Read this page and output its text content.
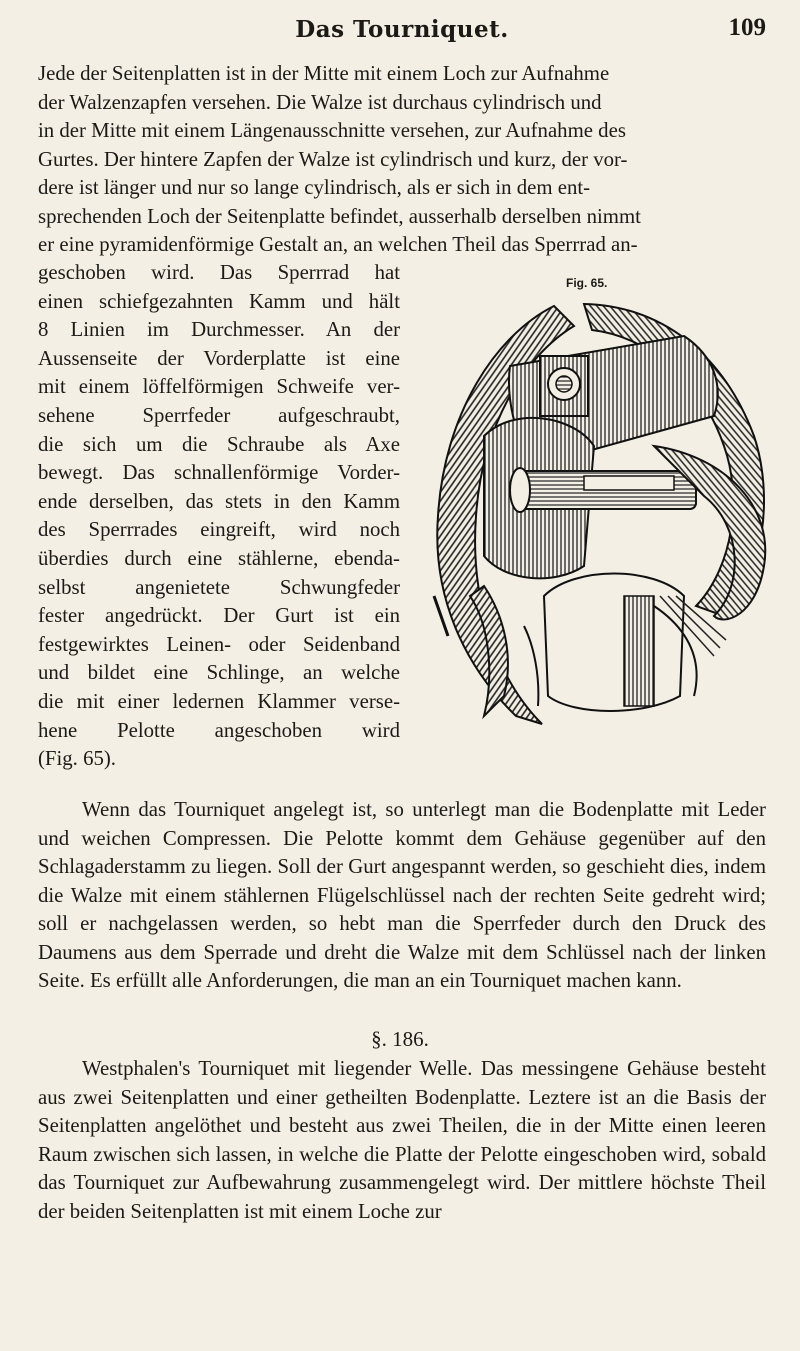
Das Tourniquet.	109
Jede der Seitenplatten ist in der Mitte mit einem Loch zur Aufnahme
der Walzenzapfen versehen. Die Walze ist durchaus cylindrisch und
in der Mitte mit einem Längenausschnitte versehen, zur Aufnahme des
Gurtes. Der hintere Zapfen der Walze ist cylindrisch und kurz, der vor-
dere ist länger und nur so lange cylindrisch, als er sich in dem ent-
sprechenden Loch der Seitenplatte befindet, ausserhalb derselben nimmt
er eine pyramidenförmige Gestalt an, an welchen Theil das Sperrrad an-
geschoben wird. Das Sperrrad hat
einen schiefgezahnten Kamm und hält
8 Linien im Durchmesser. An der
Aussenseite der Vorderplatte ist eine
mit einem löffelförmigen Schweife ver-
sehene Sperrfeder aufgeschraubt,
die sich um die Schraube als Axe
bewegt. Das schnallenförmige Vorder-
ende derselben, das stets in den Kamm
des Sperrrades eingreift, wird noch
überdies durch eine stählerne, ebenda-
selbst angenietete Schwungfeder
fester angedrückt. Der Gurt ist ein
festgewirktes Leinen- oder Seidenband
und bildet eine Schlinge, an welche
die mit einer ledernen Klammer verse-
hene Pelotte angeschoben wird
(Fig. 65).
Fig. 65.
Wenn das Tourniquet angelegt ist, so unterlegt man die Bodenplatte mit Leder und weichen Compressen. Die Pelotte kommt dem Gehäuse gegenüber auf den Schlagaderstamm zu liegen. Soll der Gurt angespannt werden, so geschieht dies, indem die Walze mit einem stählernen Flügelschlüssel nach der rechten Seite gedreht wird; soll er nachgelassen werden, so hebt man die Sperrfeder durch den Druck des Daumens aus dem Sperrade und dreht die Walze mit dem Schlüssel nach der linken Seite. Es erfüllt alle Anforderungen, die man an ein Tourniquet machen kann.
§. 186.
Westphalen's Tourniquet mit liegender Welle. Das messingene Gehäuse besteht aus zwei Seitenplatten und einer getheilten Bodenplatte. Leztere ist an die Basis der Seitenplatten angelöthet und besteht aus zwei Theilen, die in der Mitte einen leeren Raum zwischen sich lassen, in welche die Platte der Pelotte eingeschoben wird, sobald das Tourniquet zur Aufbewahrung zusammengelegt wird. Der mittlere höchste Theil der beiden Seitenplatten ist mit einem Loche zur
